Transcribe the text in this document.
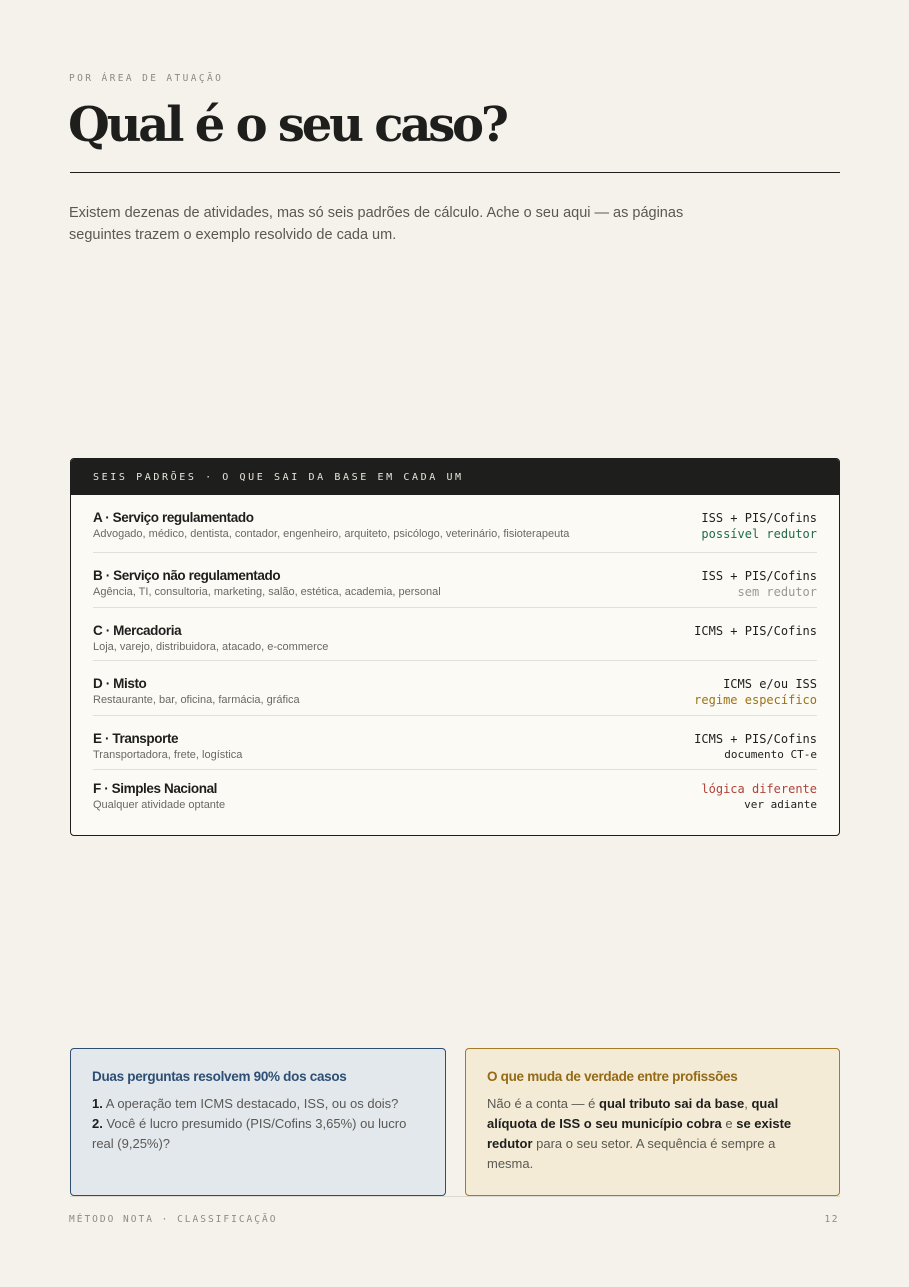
POR ÁREA DE ATUAÇÃO
Qual é o seu caso?

Existem dezenas de atividades, mas só seis padrões de cálculo. Ache o seu aqui — as páginas seguintes trazem o exemplo resolvido de cada um.

SEIS PADRÕES · O QUE SAI DA BASE EM CADA UM
A · Serviço regulamentado
Advogado, médico, dentista, contador, engenheiro, arquiteto, psicólogo, veterinário, fisioterapeuta
ISS + PIS/Cofins
possível redutor
B · Serviço não regulamentado
Agência, TI, consultoria, marketing, salão, estética, academia, personal
ISS + PIS/Cofins
sem redutor
C · Mercadoria
Loja, varejo, distribuidora, atacado, e-commerce
ICMS + PIS/Cofins
D · Misto
Restaurante, bar, oficina, farmácia, gráfica
ICMS e/ou ISS
regime específico
E · Transporte
Transportadora, frete, logística
ICMS + PIS/Cofins
documento CT-e
F · Simples Nacional
Qualquer atividade optante
lógica diferente
ver adiante
Duas perguntas resolvem 90% dos casos
1. A operação tem ICMS destacado, ISS, ou os dois?
2. Você é lucro presumido (PIS/Cofins 3,65%) ou lucro real (9,25%)?
O que muda de verdade entre profissões
Não é a conta — é qual tributo sai da base, qual alíquota de ISS o seu município cobra e se existe redutor para o seu setor. A sequência é sempre a mesma.
MÉTODO NOTA · CLASSIFICAÇÃO	12
